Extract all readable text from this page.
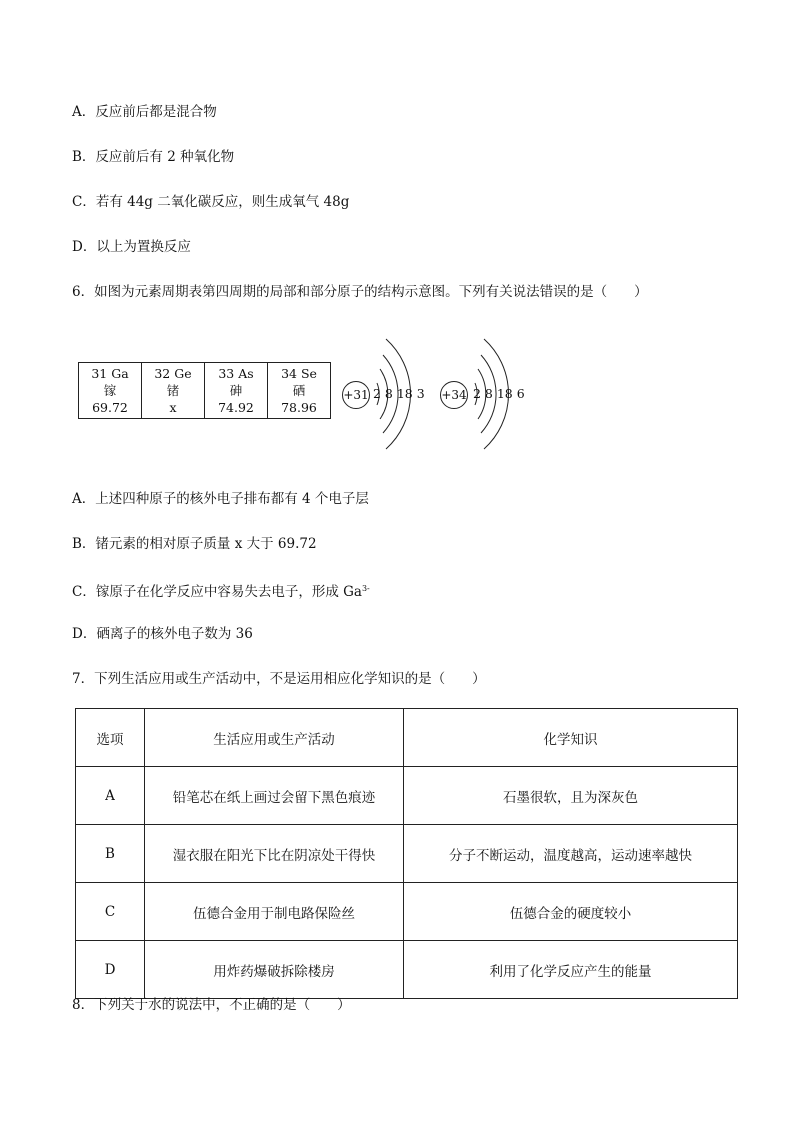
A．反应前后都是混合物
B．反应前后有 2 种氧化物
C．若有 44g 二氧化碳反应，则生成氧气 48g
D．以上为置换反应
6．如图为元素周期表第四周期的局部和部分原子的结构示意图。下列有关说法错误的是（　　）
31 Ga
镓
69.72

32 Ge
锗
x

33 As
砷
74.92

34 Se
硒
78.96
+31 2 8 18 3 +34 2 8 18 6
A．上述四种原子的核外电子排布都有 4 个电子层
B．锗元素的相对原子质量 x 大于 69.72
C．镓原子在化学反应中容易失去电子，形成 $Ga^{3-}$
D．硒离子的核外电子数为 36
7．下列生活应用或生产活动中，不是运用相应化学知识的是（　　）
选项	生活应用或生产活动	化学知识
A	铅笔芯在纸上画过会留下黑色痕迹	石墨很软，且为深灰色
B	湿衣服在阳光下比在阴凉处干得快	分子不断运动，温度越高，运动速率越快
C	伍德合金用于制电路保险丝	伍德合金的硬度较小
D	用炸药爆破拆除楼房	利用了化学反应产生的能量
8．下列关于水的说法中，不正确的是（　　）
